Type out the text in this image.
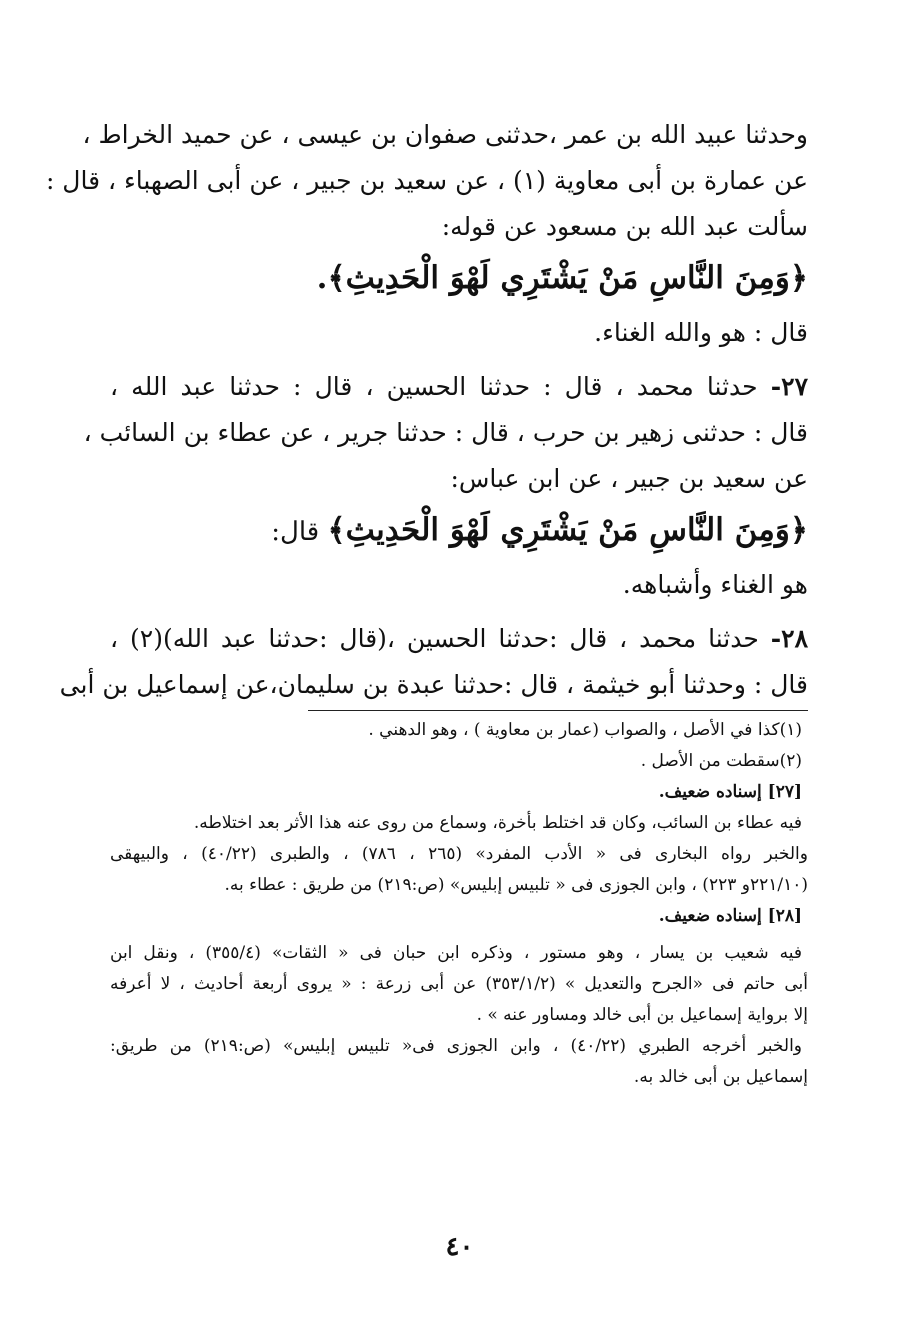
وحدثنا عبيد الله بن عمر ،حدثنى صفوان بن عيسى ، عن حميد الخراط ،
عن عمارة بن أبى معاوية (١) ، عن سعيد بن جبير ، عن أبى الصهباء ، قال :
سألت عبد الله بن مسعود عن قوله:
﴿وَمِنَ النَّاسِ مَنْ يَشْتَرِي لَهْوَ الْحَدِيثِ﴾.
قال : هو والله الغناء.
٢٧- حدثنا محمد ، قال : حدثنا الحسين ، قال : حدثنا عبد الله ،
قال : حدثنى زهير بن حرب ، قال : حدثنا جرير ، عن عطاء بن السائب ،
عن سعيد بن جبير ، عن ابن عباس:
﴿وَمِنَ النَّاسِ مَنْ يَشْتَرِي لَهْوَ الْحَدِيثِ﴾ قال:
هو الغناء وأشباهه.
٢٨- حدثنا محمد ، قال :حدثنا الحسين ،(قال :حدثنا عبد الله)(٢) ،
قال : وحدثنا أبو خيثمة ، قال :حدثنا عبدة بن سليمان،عن إسماعيل بن أبى
(١)كذا في الأصل ، والصواب (عمار بن معاوية ) ، وهو الدهني .
(٢)سقطت من الأصل .
[٢٧] إسناده ضعيف.
فيه عطاء بن السائب، وكان قد اختلط بأخرة، وسماع من روى عنه هذا الأثر بعد اختلاطه.
والخبر رواه البخارى فى « الأدب المفرد» (٢٦٥ ، ٧٨٦) ، والطبرى (٤٠/٢٢) ، والبيهقى
(٢٢١/١٠و ٢٢٣) ، وابن الجوزى فى « تلبيس إبليس» (ص:٢١٩) من طريق : عطاء به.
[٢٨] إسناده ضعيف.
فيه شعيب بن يسار ، وهو مستور ، وذكره ابن حبان فى « الثقات» (٣٥٥/٤) ، ونقل ابن
أبى حاتم فى «الجرح والتعديل » (٣٥٣/١/٢) عن أبى زرعة : « يروى أربعة أحاديث ، لا أعرفه
إلا برواية إسماعيل بن أبى خالد ومساور عنه » .
والخبر أخرجه الطبري (٤٠/٢٢) ، وابن الجوزى فى« تلبيس إبليس» (ص:٢١٩) من طريق:
إسماعيل بن أبى خالد به.
٤٠
